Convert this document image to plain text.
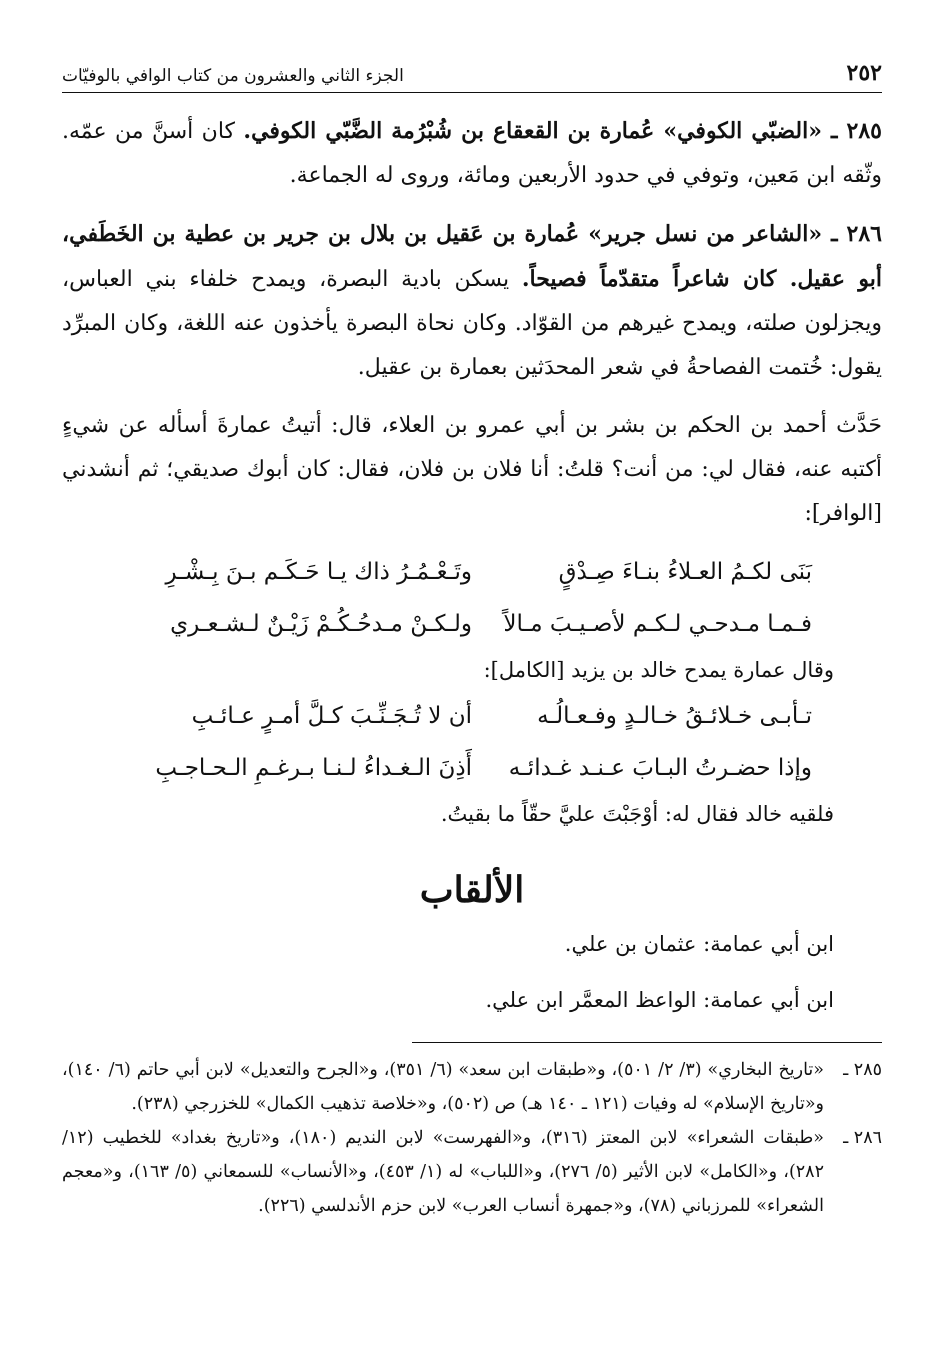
٢٥٢
الجزء الثاني والعشرون من كتاب الوافي بالوفيّات

٢٨٥ ـ «الضبّي الكوفي» عُمارة بن القعقاع بن شُبْرُمة الضَّبّي الكوفي. كان أسنَّ من عمّه. وثّقه ابن مَعين، وتوفي في حدود الأربعين ومائة، وروى له الجماعة.

٢٨٦ ـ «الشاعر من نسل جرير» عُمارة بن عَقيل بن بلال بن جرير بن عطية بن الخَطَفي، أبو عقيل. كان شاعراً متقدّماً فصيحاً. يسكن بادية البصرة، ويمدح خلفاء بني العباس، ويجزلون صلته، ويمدح غيرهم من القوّاد. وكان نحاة البصرة يأخذون عنه اللغة، وكان المبرِّد يقول: خُتمت الفصاحةُ في شعر المحدَثين بعمارة بن عقيل.

حَدَّث أحمد بن الحكم بن بشر بن أبي عمرو بن العلاء، قال: أتيتُ عمارةَ أسأله عن شيءٍ أكتبه عنه، فقال لي: من أنت؟ قلتُ: أنا فلان بن فلان، فقال: كان أبوك صديقي؛ ثم أنشدني [الوافر]:

بَنَى لكـمُ العـلاءُ بنـاءَ صِـدْقٍ
وتَـعْـمُـرُ ذاك يـا حَـكَـم بـنَ بِـشْـرِ
فـمـا مـدحـي لـكـم لأصـيـبَ مـالاً
ولـكـنْ مـدحُـكُـمْ زَيْـنٌ لـشـعـري

وقال عمارة يمدح خالد بن يزيد [الكامل]:

تـأبـى خـلائـقُ خـالـدٍ وفـعـالُـه
أن لا تُـجَـنِّـبَ كـلَّ أمـرٍ عـائـبِ
وإذا حضـرتُ البـابَ عـنـد غـدائـه
أَذِنَ الـغـداءُ لـنـا بـرغـمِ الـحـاجـبِ

فلقيه خالد فقال له: أوْجَبْتَ عليَّ حقّاً ما بقيتُ.

الألقاب

ابن أبي عمامة: عثمان بن علي.

ابن أبي عمامة: الواعظ المعمَّر ابن علي.

٢٨٥ ـ
«تاريخ البخاري» (٣/ ٢/ ٥٠١)، و«طبقات ابن سعد» (٦/ ٣٥١)، و«الجرح والتعديل» لابن أبي حاتم (٦/ ١٤٠)، و«تاريخ الإسلام» له وفيات (١٢١ ـ ١٤٠ هـ) ص (٥٠٢)، و«خلاصة تذهيب الكمال» للخزرجي (٢٣٨).
٢٨٦ ـ
«طبقات الشعراء» لابن المعتز (٣١٦)، و«الفهرست» لابن النديم (١٨٠)، و«تاريخ بغداد» للخطيب (١٢/ ٢٨٢)، و«الكامل» لابن الأثير (٥/ ٢٧٦)، و«اللباب» له (١/ ٤٥٣)، و«الأنساب» للسمعاني (٥/ ١٦٣)، و«معجم الشعراء» للمرزباني (٧٨)، و«جمهرة أنساب العرب» لابن حزم الأندلسي (٢٢٦).
